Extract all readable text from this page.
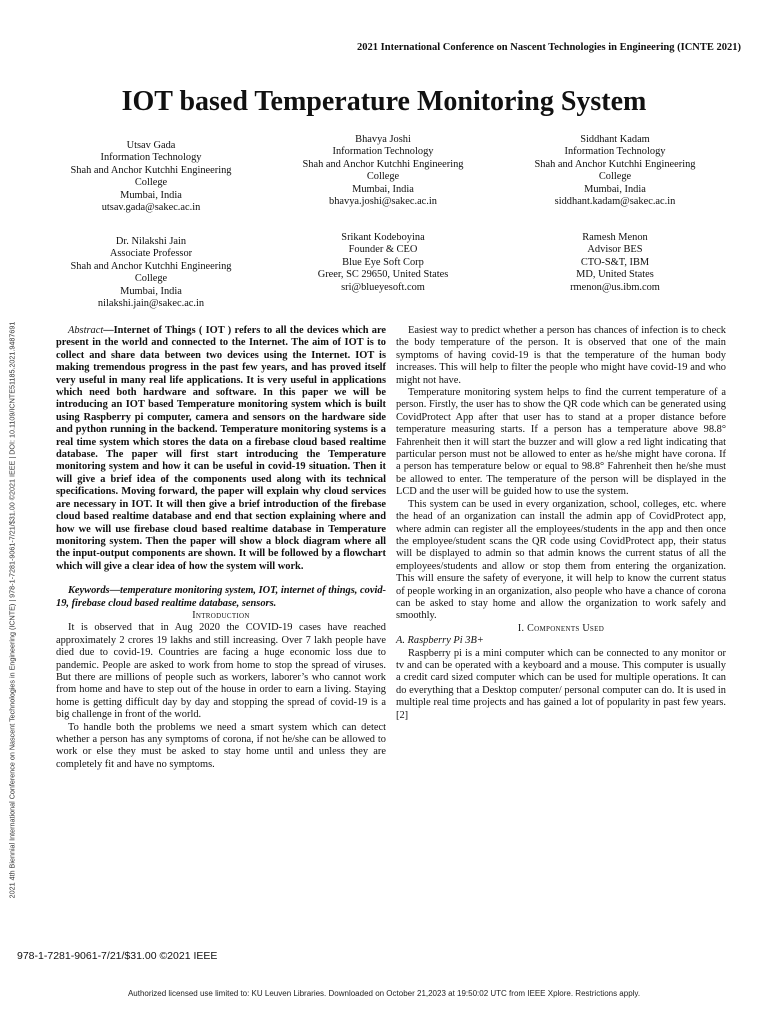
2021 International Conference on Nascent Technologies in Engineering (ICNTE 2021)
IOT based Temperature Monitoring System
Utsav Gada
Information Technology
Shah and Anchor Kutchhi Engineering
College
Mumbai, India
utsav.gada@sakec.ac.in
Bhavya Joshi
Information Technology
Shah and Anchor Kutchhi Engineering
College
Mumbai, India
bhavya.joshi@sakec.ac.in
Siddhant Kadam
Information Technology
Shah and Anchor Kutchhi Engineering
College
Mumbai, India
siddhant.kadam@sakec.ac.in
Dr. Nilakshi Jain
Associate Professor
Shah and Anchor Kutchhi Engineering
College
Mumbai, India
nilakshi.jain@sakec.ac.in
Srikant Kodeboyina
Founder & CEO
Blue Eye Soft Corp
Greer, SC 29650, United States
sri@blueyesoft.com
Ramesh Menon
Advisor BES
CTO-S&T, IBM
MD, United States
rmenon@us.ibm.com

Abstract—Internet of Things ( IOT ) refers to all the devices which are present in the world and connected to the Internet. The aim of IOT is to collect and share data between two devices using the Internet. IOT is making tremendous progress in the past few years, and has proved itself very useful in many real life applications. It is very useful in applications which need both hardware and software. In this paper we will be introducing an IOT based Temperature monitoring system which is built using Raspberry pi computer, camera and sensors on the hardware side and python running in the backend. Temperature monitoring systems is a real time system which stores the data on a firebase cloud based realtime database. The paper will first start introducing the Temperature monitoring system and how it can be useful in covid-19 situation. Then it will give a brief idea of the components used along with its technical specifications. Moving forward, the paper will explain why cloud services are necessary in IOT. It will then give a brief introduction of the firebase cloud based realtime database and end that section explaining where and how we will use firebase cloud based realtime database in Temperature monitoring system. Then the paper will show a block diagram where all the input-output components are shown. It will be followed by a flowchart which will give a clear idea of how the system will work.

Keywords—temperature monitoring system, IOT, internet of things, covid-19, firebase cloud based realtime database, sensors.

Introduction

It is observed that in Aug 2020 the COVID-19 cases have reached approximately 2 crores 19 lakhs and still increasing. Over 7 lakh people have died due to covid-19. Countries are facing a huge economic loss due to pandemic. People are asked to work from home to stop the spread of viruses. But there are millions of people such as workers, laborer’s who cannot work from home and have to step out of the house in order to earn a living. Staying home is getting difficult day by day and stopping the spread of covid-19 is a big challenge in front of the world.

To handle both the problems we need a smart system which can detect whether a person has any symptoms of corona, if not he/she can be allowed to work or else they must be asked to stay home until and unless they are completely fit and have no symptoms.

Easiest way to predict whether a person has chances of infection is to check the body temperature of the person. It is observed that one of the main symptoms of having covid-19 is that the temperature of the human body increases. This will help to filter the people who might have covid-19 and who might not have.

Temperature monitoring system helps to find the current temperature of a person. Firstly, the user has to show the QR code which can be generated using CovidProtect App after that user has to stand at a proper distance before temperature measuring starts. If a person has a temperature above 98.8° Fahrenheit then it will start the buzzer and will glow a red light indicating that particular person must not be allowed to enter as he/she might have corona. If a person has temperature below or equal to 98.8° Fahrenheit then he/she must be allowed to enter. The temperature of the person will be displayed in the LCD and the user will be guided how to use the system.

This system can be used in every organization, school, colleges, etc. where the head of an organization can install the admin app of CovidProtect app, where admin can register all the employees/students in the app and then once the employee/student scans the QR code using CovidProtect app, their status will be displayed to admin so that admin knows the current status of all the employees/students and allow or stop them from entering the organization. This will ensure the safety of everyone, it will help to know the current status of people working in an organization, also people who have a chance of corona can be asked to stay home and allow the organization to work safely and smoothly.

I. Components Used

A. Raspberry Pi 3B+

Raspberry pi is a mini computer which can be connected to any monitor or tv and can be operated with a keyboard and a mouse. This computer is usually a credit card sized computer which can be used for multiple operations. It can do everything that a Desktop computer/ personal computer can do. It is used in multiple real time projects and has gained a lot of popularity in past few years.[2]

2021 4th Biennial International Conference on Nascent Technologies in Engineering (ICNTE) | 978-1-7281-9061-7/21/$31.00 ©2021 IEEE | DOI: 10.1109/ICNTE51185.2021.9487691
978-1-7281-9061-7/21/$31.00 ©2021 IEEE
Authorized licensed use limited to: KU Leuven Libraries. Downloaded on October 21,2023 at 19:50:02 UTC from IEEE Xplore. Restrictions apply.
